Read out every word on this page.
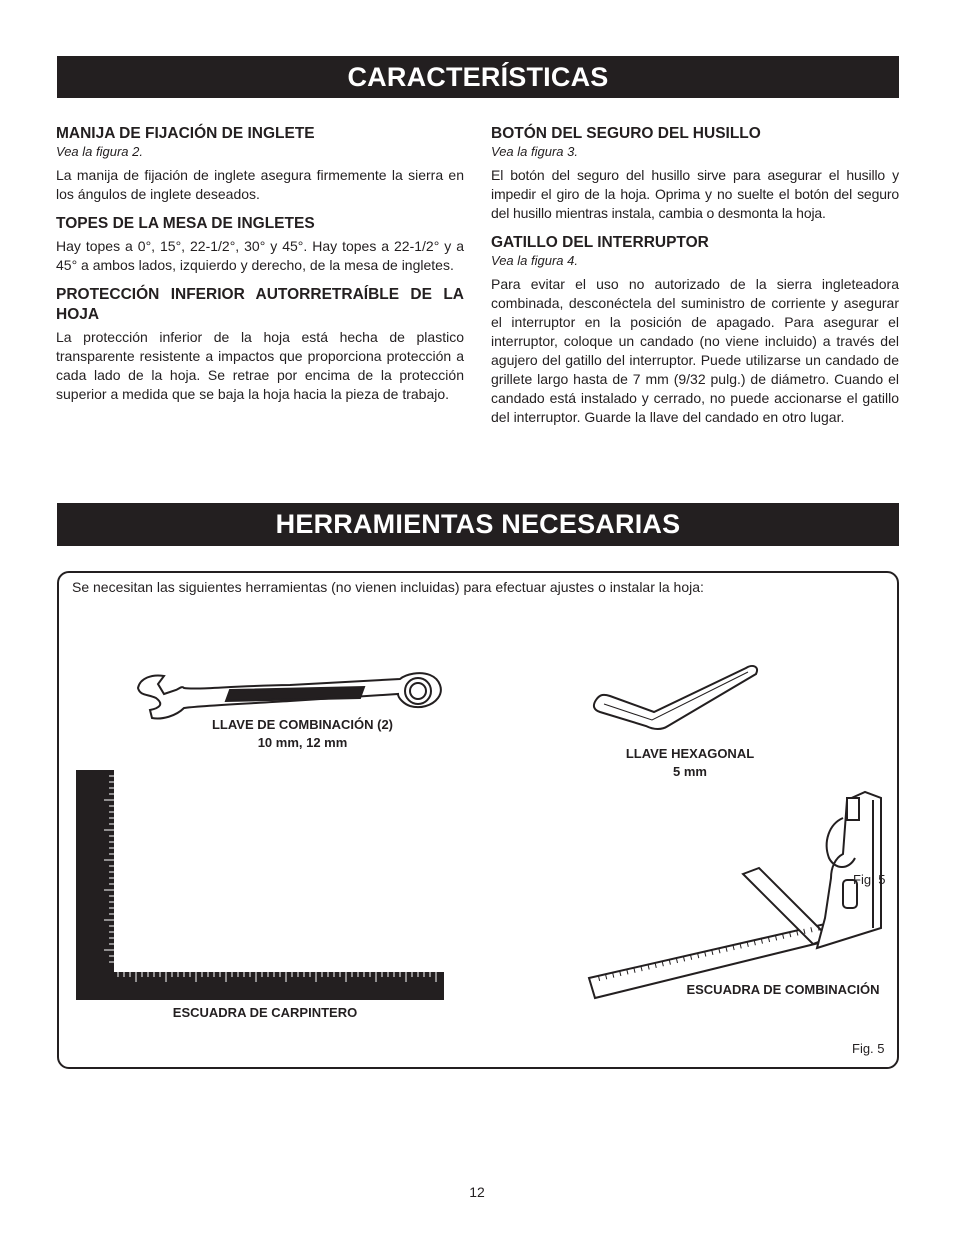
CARACTERÍSTICAS

MANIJA DE FIJACIÓN DE INGLETE

Vea la figura 2.

La manija de fijación de inglete asegura firmemente la sierra en los ángulos de inglete deseados.

TOPES DE LA MESA DE INGLETES

Hay topes a 0°, 15°, 22-1/2°, 30° y 45°. Hay topes a 22-1/2° y a 45° a ambos lados, izquierdo y derecho, de la mesa de ingletes.

PROTECCIÓN INFERIOR AUTORRETRAÍBLE DE LA HOJA

La protección inferior de la hoja está hecha de plastico transparente resistente a impactos que proporciona protección a cada lado de la hoja. Se retrae por encima de la protección superior a medida que se baja la hoja hacia la pieza de trabajo.

BOTÓN DEL SEGURO DEL HUSILLO

Vea la figura 3.

El botón del seguro del husillo sirve para asegurar el husillo y impedir el giro de la hoja. Oprima y no suelte el botón del seguro del husillo mientras instala, cambia o desmonta la hoja.

GATILLO DEL INTERRUPTOR

Vea la figura 4.

Para evitar el uso no autorizado de la sierra ingleteadora combinada, desconéctela del suministro de corriente y asegurar el interruptor en la posición de apagado. Para asegurar el interruptor, coloque un candado (no viene incluido) a través del agujero del gatillo del interruptor. Puede utilizarse un candado de grillete largo hasta de 7 mm (9/32 pulg.) de diámetro. Cuando el candado está instalado y cerrado, no puede accionarse el gatillo del interruptor. Guarde la llave del candado en otro lugar.

HERRAMIENTAS NECESARIAS
Se necesitan las siguientes herramientas (no vienen incluidas) para efectuar ajustes o instalar la hoja:
LLAVE DE COMBINACIÓN (2)
10 mm, 12 mm
LLAVE HEXAGONAL
5 mm
ESCUADRA DE CARPINTERO
ESCUADRA DE COMBINACIÓN
Fig. 5
Fig. 5
12
